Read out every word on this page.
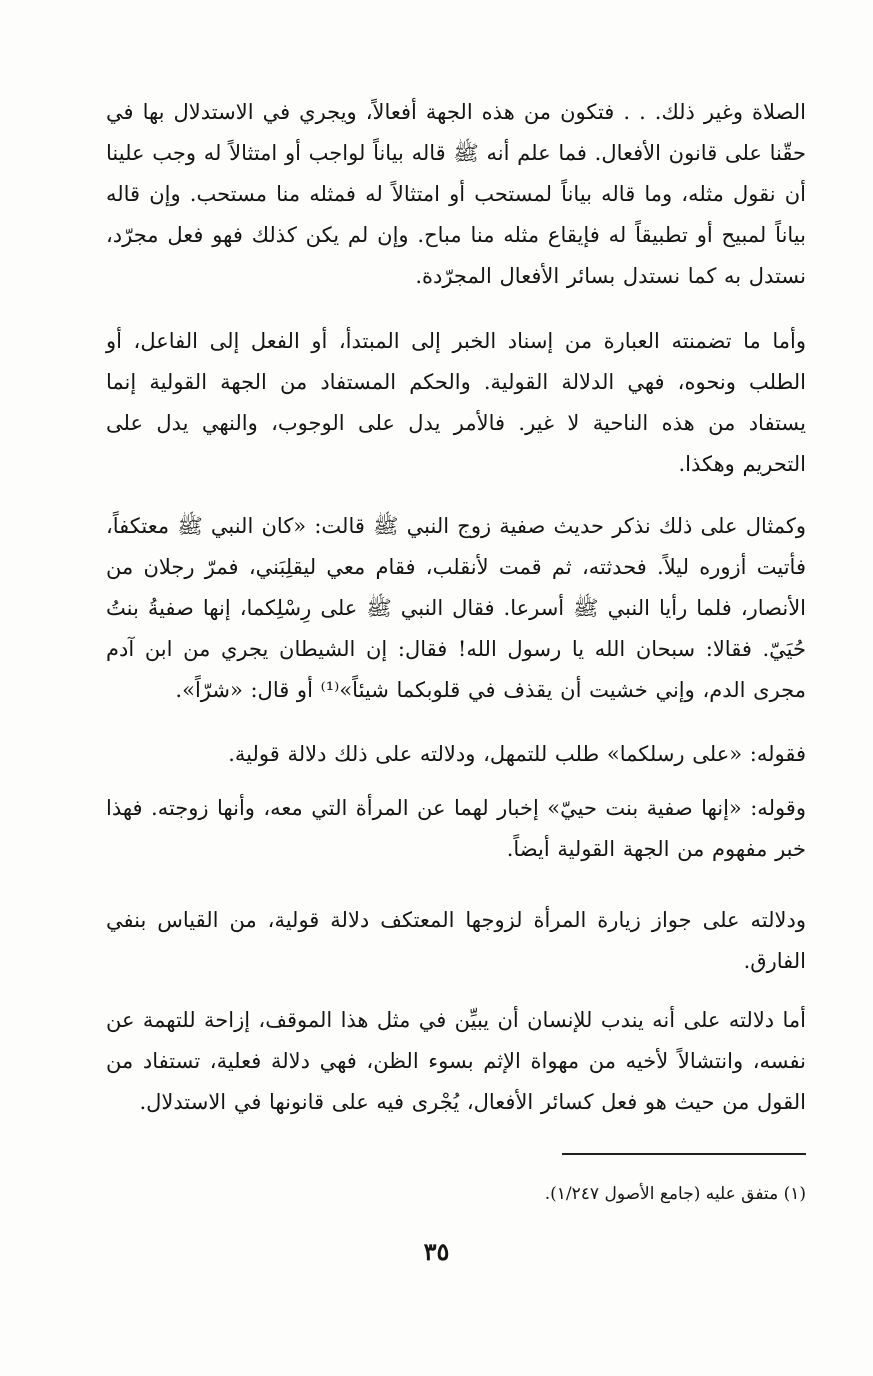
الصلاة وغير ذلك. . . فتكون من هذه الجهة أفعالاً، ويجري في الاستدلال بها في حقّنا على قانون الأفعال. فما علم أنه ﷺ قاله بياناً لواجب أو امتثالاً له وجب علينا أن نقول مثله، وما قاله بياناً لمستحب أو امتثالاً له فمثله منا مستحب. وإن قاله بياناً لمبيح أو تطبيقاً له فإيقاع مثله منا مباح. وإن لم يكن كذلك فهو فعل مجرّد، نستدل به كما نستدل بسائر الأفعال المجرّدة.

وأما ما تضمنته العبارة من إسناد الخبر إلى المبتدأ، أو الفعل إلى الفاعل، أو الطلب ونحوه، فهي الدلالة القولية. والحكم المستفاد من الجهة القولية إنما يستفاد من هذه الناحية لا غير. فالأمر يدل على الوجوب، والنهي يدل على التحريم وهكذا.

وكمثال على ذلك نذكر حديث صفية زوج النبي ﷺ قالت: «كان النبي ﷺ معتكفاً، فأتيت أزوره ليلاً. فحدثته، ثم قمت لأنقلب، فقام معي ليقلِبَني، فمرّ رجلان من الأنصار، فلما رأيا النبي ﷺ أسرعا. فقال النبي ﷺ على رِسْلِكما، إنها صفيةُ بنتُ حُيَيّ. فقالا: سبحان الله يا رسول الله! فقال: إن الشيطان يجري من ابن آدم مجرى الدم، وإني خشيت أن يقذف في قلوبكما شيئاً»⁽¹⁾ أو قال: «شرّاً».

فقوله: «على رسلكما» طلب للتمهل، ودلالته على ذلك دلالة قولية.

وقوله: «إنها صفية بنت حييّ» إخبار لهما عن المرأة التي معه، وأنها زوجته. فهذا خبر مفهوم من الجهة القولية أيضاً.

ودلالته على جواز زيارة المرأة لزوجها المعتكف دلالة قولية، من القياس بنفي الفارق.

أما دلالته على أنه يندب للإنسان أن يبيِّن في مثل هذا الموقف، إزاحة للتهمة عن نفسه، وانتشالاً لأخيه من مهواة الإثم بسوء الظن، فهي دلالة فعلية، تستفاد من القول من حيث هو فعل كسائر الأفعال، يُجْرى فيه على قانونها في الاستدلال.

(١) متفق عليه (جامع الأصول ١/٢٤٧).

٣٥
